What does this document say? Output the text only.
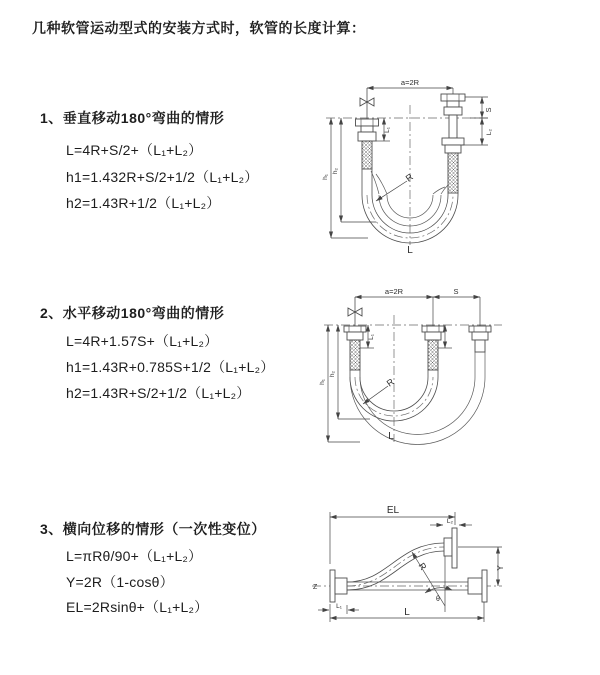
几种软管运动型式的安装方式时，软管的长度计算：
1、垂直移动180°弯曲的情形
L=4R+S/2+（L₁+L₂）
h1=1.432R+S/2+1/2（L₁+L₂）
h2=1.43R+1/2（L₁+L₂）
2、水平移动180°弯曲的情形
L=4R+1.57S+（L₁+L₂）
h1=1.43R+0.785S+1/2（L₁+L₂）
h2=1.43R+S/2+1/2（L₁+L₂）
3、横向位移的情形（一次性变位）
L=πRθ/90+（L₁+L₂）
Y=2R（1-cosθ）
EL=2Rsinθ+（L₁+L₂）
a=2R
S
L₂
L₁
h₁
h₂
R
L
a=2R	S
L₁
h₁
h₂
R
L
Z
EL
L₂
Y
L
L₁
R
θ
